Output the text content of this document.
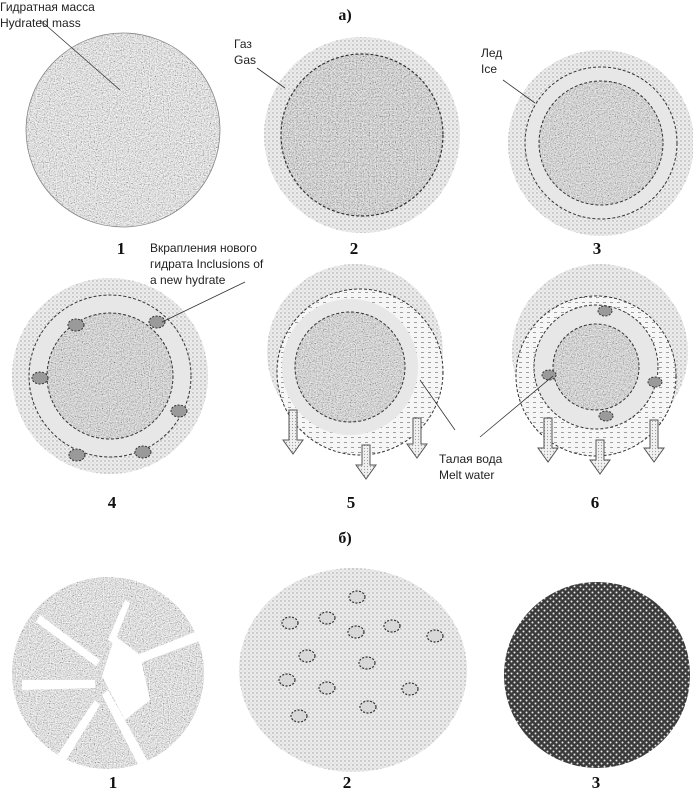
а)
Гидратная масса
Hydrated mass
Газ
Gas	Лед
Ice
1	2	3
Вкрапления нового
гидрата Inclusions of
a new hydrate
Талая вода
Melt water
4	5	6
б)
1	2	3
